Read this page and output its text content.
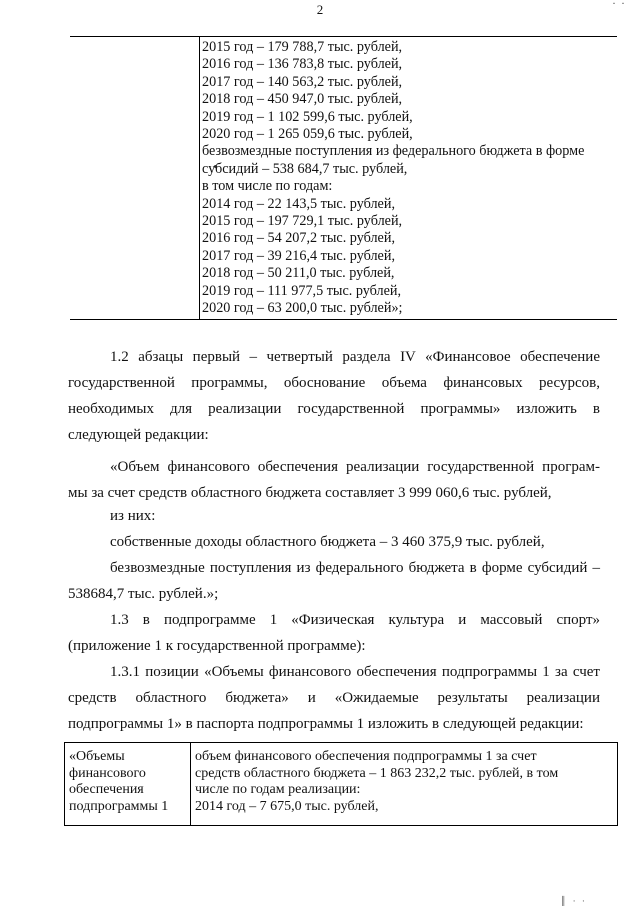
2	· ·
2015 год – 179 788,7 тыс. рублей,
2016 год – 136 783,8 тыс. рублей,
2017 год – 140 563,2 тыс. рублей,
2018 год – 450 947,0 тыс. рублей,
2019 год – 1 102 599,6 тыс. рублей,
2020 год – 1 265 059,6 тыс. рублей,
безвозмездные поступления из федерального бюджета в форме
субсидий – 538 684,7 тыс. рублей,
в том числе по годам:
2014 год – 22 143,5 тыс. рублей,
2015 год – 197 729,1 тыс. рублей,
2016 год – 54 207,2 тыс. рублей,
2017 год – 39 216,4 тыс. рублей,
2018 год – 50 211,0 тыс. рублей,
2019 год – 111 977,5 тыс. рублей,
2020 год – 63 200,0 тыс. рублей»;
1.2 абзацы первый – четвертый раздела IV «Финансовое обеспечение
государственной программы, обоснование объема финансовых ресурсов,
необходимых для реализации государственной программы» изложить в
следующей редакции:
«Объем финансового обеспечения реализации государственной програм-
мы за счет средств областного бюджета составляет 3 999 060,6 тыс. рублей,
из них:
собственные доходы областного бюджета – 3 460 375,9 тыс. рублей,
безвозмездные поступления из федерального бюджета в форме субсидий –
538684,7 тыс. рублей.»;
1.3 в подпрограмме 1 «Физическая культура и массовый спорт»
(приложение 1 к государственной программе):
1.3.1 позиции «Объемы финансового обеспечения подпрограммы 1 за счет
средств областного бюджета» и «Ожидаемые результаты реализации
подпрограммы 1» в паспорта подпрограммы 1 изложить в следующей редакции:
«Объемы
финансового
обеспечения
подпрограммы 1
объем финансового обеспечения подпрограммы 1 за счет
средств областного бюджета – 1 863 232,2 тыс. рублей, в том
числе по годам реализации:
2014 год – 7 675,0 тыс. рублей,
║ · ·
